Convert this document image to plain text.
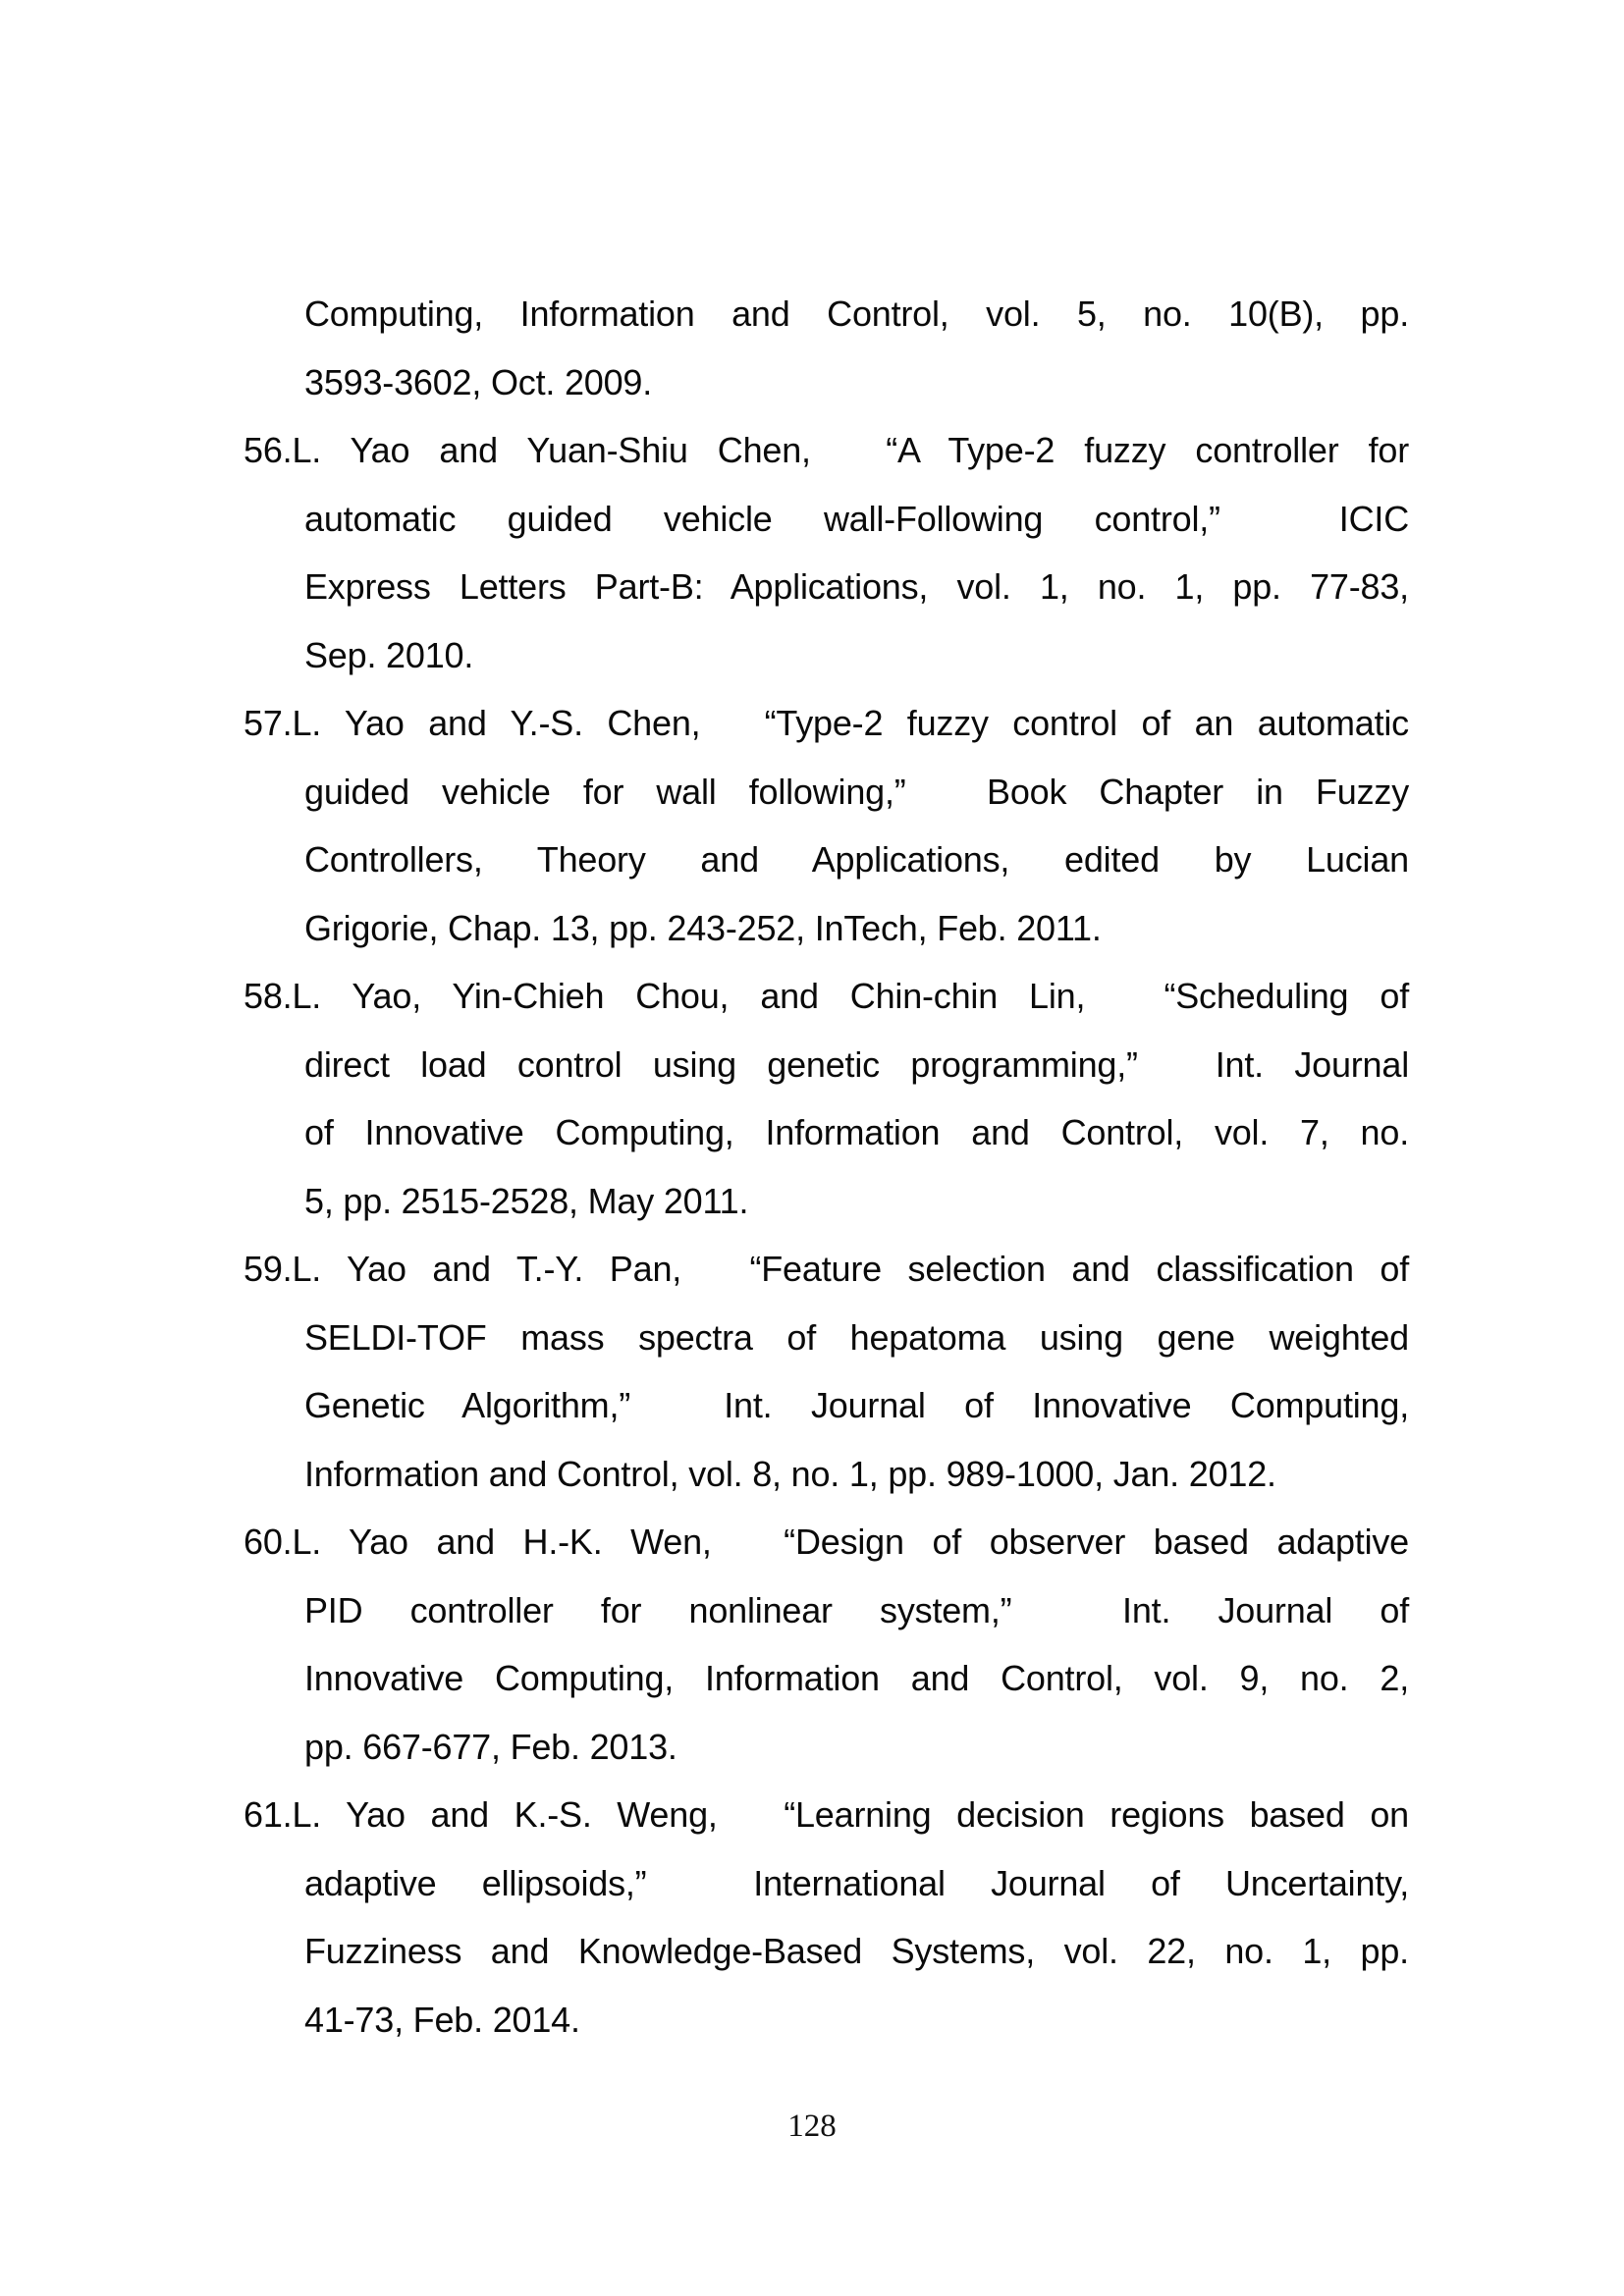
Computing, Information and Control, vol. 5, no. 10(B), pp.
3593-3602, Oct. 2009.
56.L. Yao and Yuan-Shiu Chen,　“A Type-2 fuzzy controller for
automatic guided vehicle wall-Following control,”　ICIC
Express Letters Part-B: Applications, vol. 1, no. 1, pp. 77-83,
Sep. 2010.
57.L. Yao and Y.-S. Chen,　“Type-2 fuzzy control of an automatic
guided vehicle for wall following,”　Book Chapter in Fuzzy
Controllers, Theory and Applications, edited by Lucian
Grigorie, Chap. 13, pp. 243-252, InTech, Feb. 2011.
58.L. Yao, Yin-Chieh Chou, and Chin-chin Lin,　“Scheduling of
direct load control using genetic programming,”　Int. Journal
of Innovative Computing, Information and Control, vol. 7, no.
5, pp. 2515-2528, May 2011.
59.L. Yao and T.-Y. Pan,　“Feature selection and classification of
SELDI-TOF mass spectra of hepatoma using gene weighted
Genetic Algorithm,”　Int. Journal of Innovative Computing,
Information and Control, vol. 8, no. 1, pp. 989-1000, Jan. 2012.
60.L. Yao and H.-K. Wen,　“Design of observer based adaptive
PID controller for nonlinear system,”　Int. Journal of
Innovative Computing, Information and Control, vol. 9, no. 2,
pp. 667-677, Feb. 2013.
61.L. Yao and K.-S. Weng,　“Learning decision regions based on
adaptive ellipsoids,”　International Journal of Uncertainty,
Fuzziness and Knowledge-Based Systems, vol. 22, no. 1, pp.
41-73, Feb. 2014.
128
